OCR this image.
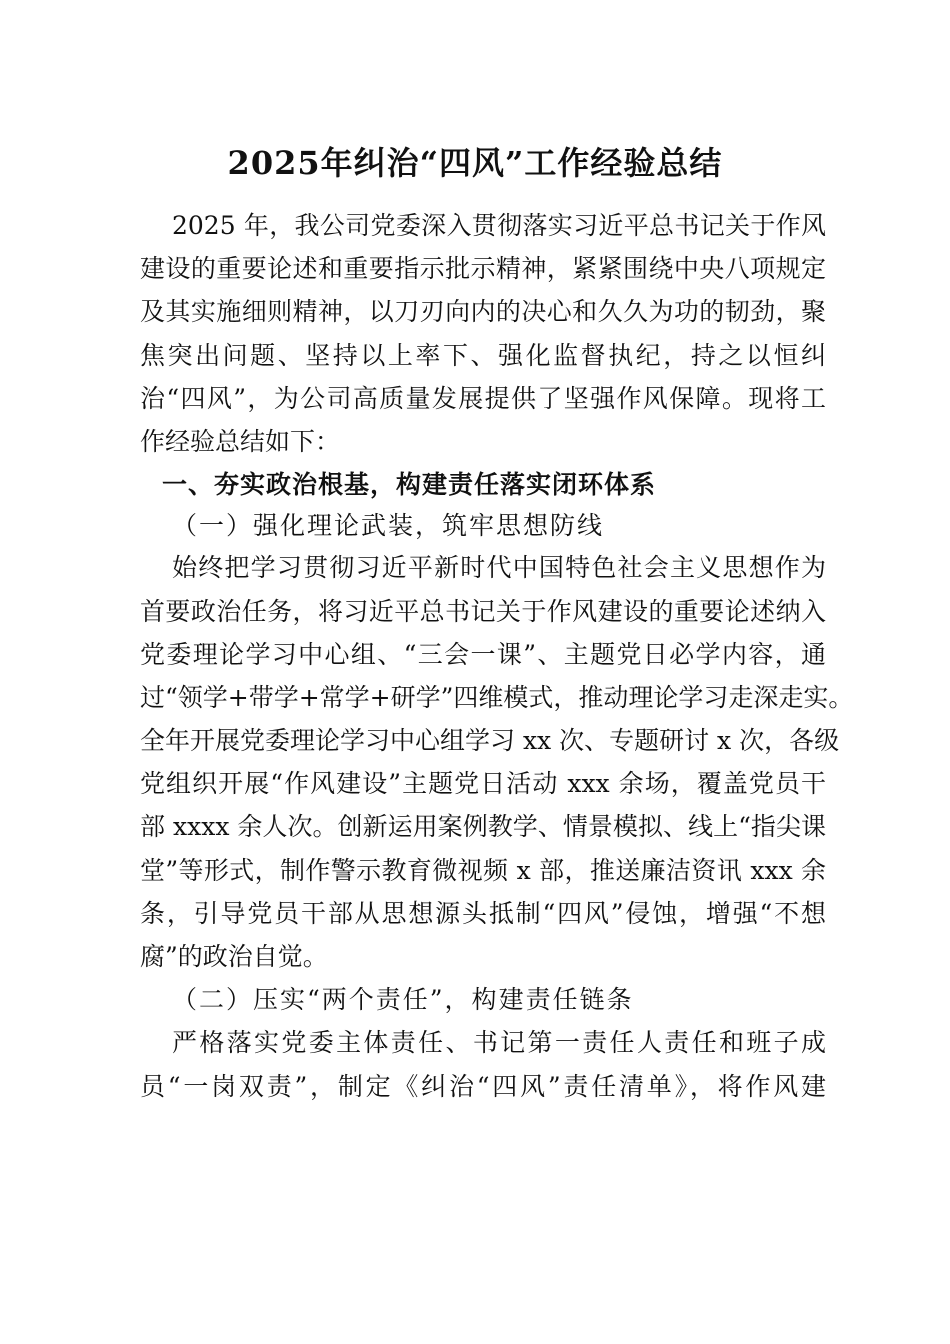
2025年纠治“四风”工作经验总结
2025 年，我公司党委深入贯彻落实习近平总书记关于作风
建设的重要论述和重要指示批示精神，紧紧围绕中央八项规定
及其实施细则精神，以刀刃向内的决心和久久为功的韧劲，聚
焦突出问题、坚持以上率下、强化监督执纪，持之以恒纠
治“四风”，为公司高质量发展提供了坚强作风保障。现将工
作经验总结如下：
一、夯实政治根基，构建责任落实闭环体系
（一）强化理论武装，筑牢思想防线
始终把学习贯彻习近平新时代中国特色社会主义思想作为
首要政治任务，将习近平总书记关于作风建设的重要论述纳入
党委理论学习中心组、“三会一课”、主题党日必学内容，通
过“领学+带学+常学+研学”四维模式，推动理论学习走深走实。
全年开展党委理论学习中心组学习 xx 次、专题研讨 x 次，各级
党组织开展“作风建设”主题党日活动 xxx 余场，覆盖党员干
部 xxxx 余人次。创新运用案例教学、情景模拟、线上“指尖课
堂”等形式，制作警示教育微视频 x 部，推送廉洁资讯 xxx 余
条，引导党员干部从思想源头抵制“四风”侵蚀，增强“不想
腐”的政治自觉。
（二）压实“两个责任”，构建责任链条
严格落实党委主体责任、书记第一责任人责任和班子成
员“一岗双责”，制定《纠治“四风”责任清单》，将作风建
